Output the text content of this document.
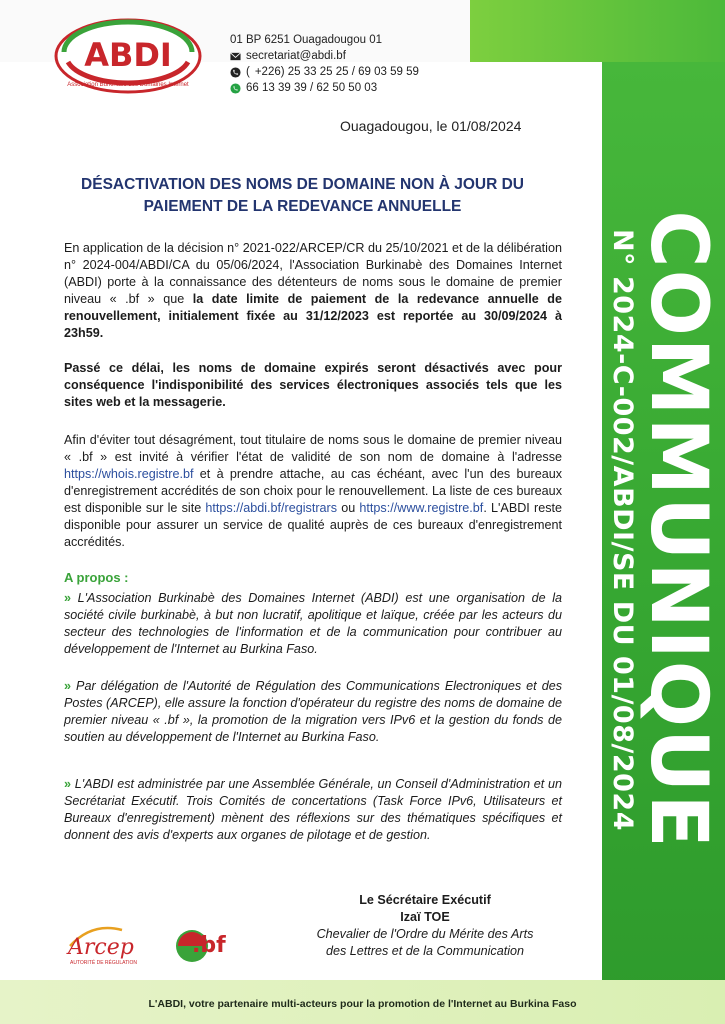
ABDI
Association Burkinabè des Domaines Internet
01 BP 6251 Ouagadougou 01
secretariat@abdi.bf
( +226) 25 33 25 25 / 69 03 59 59
66 13 39 39 / 62 50 50 03
Ouagadougou, le 01/08/2024
DÉSACTIVATION DES NOMS DE DOMAINE NON À JOUR DU
PAIEMENT DE LA REDEVANCE ANNUELLE
En application de la décision n° 2021-022/ARCEP/CR du 25/10/2021 et de la délibération n° 2024-004/ABDI/CA du 05/06/2024, l'Association Burkinabè des Domaines Internet (ABDI) porte à la connaissance des détenteurs de noms sous le domaine de premier niveau « .bf » que la date limite de paiement de la redevance annuelle de renouvellement, initialement fixée au 31/12/2023 est reportée au 30/09/2024 à 23h59.
Passé ce délai, les noms de domaine expirés seront désactivés avec pour conséquence l'indisponibilité des services électroniques associés tels que les sites web et la messagerie.
Afin d'éviter tout désagrément, tout titulaire de noms sous le domaine de premier niveau « .bf » est invité à vérifier l'état de validité de son nom de domaine à l'adresse https://whois.registre.bf et à prendre attache, au cas échéant, avec l'un des bureaux d'enregistrement accrédités de son choix pour le renouvellement. La liste de ces bureaux est disponible sur le site https://abdi.bf/registrars ou https://www.registre.bf. L'ABDI reste disponible pour assurer un service de qualité auprès de ces bureaux d'enregistrement accrédités.
A propos :
» L'Association Burkinabè des Domaines Internet (ABDI) est une organisation de la société civile burkinabè, à but non lucratif, apolitique et laïque, créée par les acteurs du secteur des technologies de l'information et de la communication pour contribuer au développement de l'Internet au Burkina Faso.
» Par délégation de l'Autorité de Régulation des Communications Electroniques et des Postes (ARCEP), elle assure la fonction d'opérateur du registre des noms de domaine de premier niveau « .bf », la promotion de la migration vers IPv6 et la gestion du fonds de soutien au développement de l'Internet au Burkina Faso.
» L'ABDI est administrée par une Assemblée Générale, un Conseil d'Administration et un Secrétariat Exécutif. Trois Comités de concertations (Task Force IPv6, Utilisateurs et Bureaux d'enregistrement) mènent des réflexions sur des thématiques spécifiques et donnent des avis d'experts aux organes de pilotage et de gestion.
Le Sécrétaire Exécutif
Izaï TOE
Chevalier de l'Ordre du Mérite des Arts
des Lettres et de la Communication
Arcep
AUTORITÉ DE RÉGULATION
.bf
COMMUNIQUE
N° 2024-C-002/ABDI/SE DU 01/08/2024
L'ABDI, votre partenaire multi-acteurs pour la promotion de l'Internet au Burkina Faso
